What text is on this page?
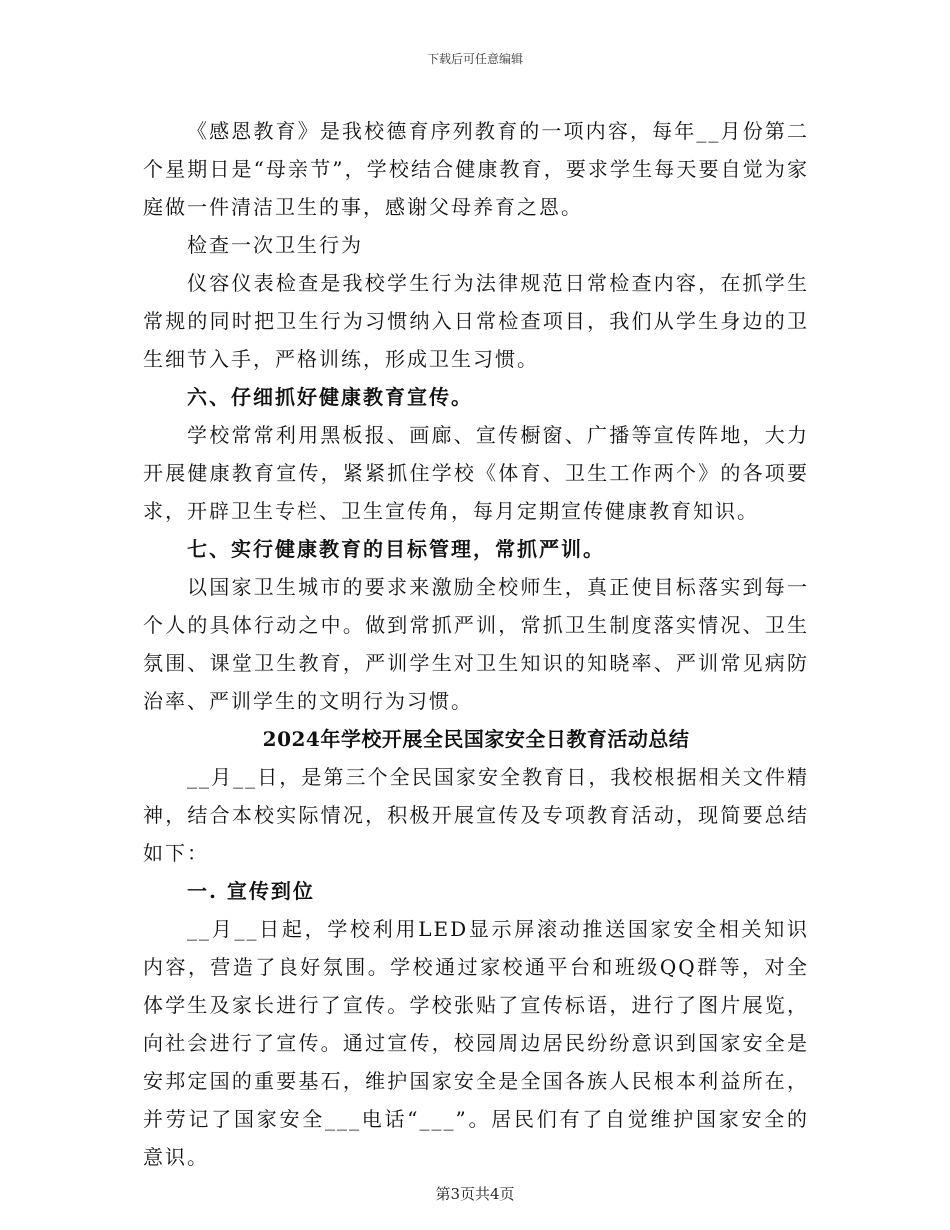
下载后可任意编辑

《感恩教育》是我校德育序列教育的一项内容，每年__月份第二个星期日是“母亲节”，学校结合健康教育，要求学生每天要自觉为家庭做一件清洁卫生的事，感谢父母养育之恩。

检查一次卫生行为

仪容仪表检查是我校学生行为法律规范日常检查内容，在抓学生常规的同时把卫生行为习惯纳入日常检查项目，我们从学生身边的卫生细节入手，严格训练，形成卫生习惯。

六、仔细抓好健康教育宣传。

学校常常利用黑板报、画廊、宣传橱窗、广播等宣传阵地，大力开展健康教育宣传，紧紧抓住学校《体育、卫生工作两个》的各项要求，开辟卫生专栏、卫生宣传角，每月定期宣传健康教育知识。

七、实行健康教育的目标管理，常抓严训。

以国家卫生城市的要求来激励全校师生，真正使目标落实到每一个人的具体行动之中。做到常抓严训，常抓卫生制度落实情况、卫生氛围、课堂卫生教育，严训学生对卫生知识的知晓率、严训常见病防治率、严训学生的文明行为习惯。

2024年学校开展全民国家安全日教育活动总结

__月__日，是第三个全民国家安全教育日，我校根据相关文件精神，结合本校实际情况，积极开展宣传及专项教育活动，现简要总结如下：

一. 宣传到位

__月__日起，学校利用LED显示屏滚动推送国家安全相关知识内容，营造了良好氛围。学校通过家校通平台和班级QQ群等，对全体学生及家长进行了宣传。学校张贴了宣传标语，进行了图片展览，向社会进行了宣传。通过宣传，校园周边居民纷纷意识到国家安全是安邦定国的重要基石，维护国家安全是全国各族人民根本利益所在，并劳记了国家安全___电话“___”。居民们有了自觉维护国家安全的意识。

第3页共4页
